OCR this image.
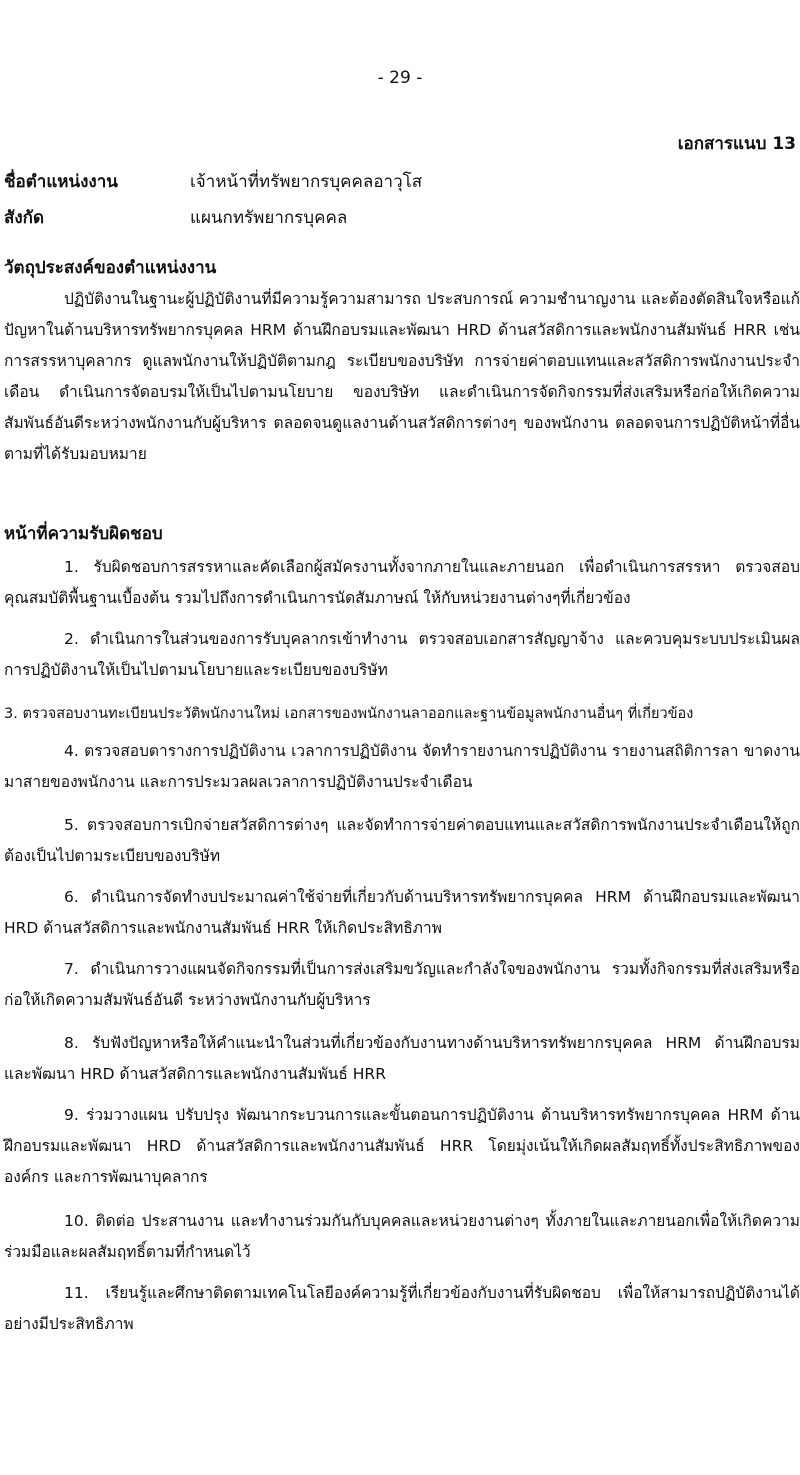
- 29 -
เอกสารแนบ 13
ชื่อตำแหน่งงาน	เจ้าหน้าที่ทรัพยากรบุคคลอาวุโส
สังกัด	แผนกทรัพยากรบุคคล
วัตถุประสงค์ของตำแหน่งงาน
ปฏิบัติงานในฐานะผู้ปฏิบัติงานที่มีความรู้ความสามารถ ประสบการณ์ ความชำนาญงาน และต้องตัดสินใจหรือแก้ปัญหาในด้านบริหารทรัพยากรบุคคล HRM ด้านฝึกอบรมและพัฒนา HRD ด้านสวัสดิการและพนักงานสัมพันธ์ HRR เช่น การสรรหาบุคลากร ดูแลพนักงานให้ปฏิบัติตามกฎ ระเบียบของบริษัท การจ่ายค่าตอบแทนและสวัสดิการพนักงานประจำเดือน ดำเนินการจัดอบรมให้เป็นไปตามนโยบาย ของบริษัท และดำเนินการจัดกิจกรรมที่ส่งเสริมหรือก่อให้เกิดความสัมพันธ์อันดีระหว่างพนักงานกับผู้บริหาร ตลอดจนดูแลงานด้านสวัสดิการต่างๆ ของพนักงาน ตลอดจนการปฏิบัติหน้าที่อื่นตามที่ได้รับมอบหมาย
หน้าที่ความรับผิดชอบ
1. รับผิดชอบการสรรหาและคัดเลือกผู้สมัครงานทั้งจากภายในและภายนอก เพื่อดำเนินการสรรหา ตรวจสอบคุณสมบัติพื้นฐานเบื้องต้น รวมไปถึงการดำเนินการนัดสัมภาษณ์ ให้กับหน่วยงานต่างๆที่เกี่ยวข้อง
2. ดำเนินการในส่วนของการรับบุคลากรเข้าทำงาน ตรวจสอบเอกสารสัญญาจ้าง และควบคุมระบบประเมินผลการปฏิบัติงานให้เป็นไปตามนโยบายและระเบียบของบริษัท
3. ตรวจสอบงานทะเบียนประวัติพนักงานใหม่ เอกสารของพนักงานลาออกและฐานข้อมูลพนักงานอื่นๆ ที่เกี่ยวข้อง
4. ตรวจสอบตารางการปฏิบัติงาน เวลาการปฏิบัติงาน จัดทำรายงานการปฏิบัติงาน รายงานสถิติการลา ขาดงาน มาสายของพนักงาน และการประมวลผลเวลาการปฏิบัติงานประจำเดือน
5. ตรวจสอบการเบิกจ่ายสวัสดิการต่างๆ และจัดทำการจ่ายค่าตอบแทนและสวัสดิการพนักงานประจำเดือนให้ถูกต้องเป็นไปตามระเบียบของบริษัท
6. ดำเนินการจัดทำงบประมาณค่าใช้จ่ายที่เกี่ยวกับด้านบริหารทรัพยากรบุคคล HRM ด้านฝึกอบรมและพัฒนา HRD ด้านสวัสดิการและพนักงานสัมพันธ์ HRR ให้เกิดประสิทธิภาพ
7. ดำเนินการวางแผนจัดกิจกรรมที่เป็นการส่งเสริมขวัญและกำลังใจของพนักงาน รวมทั้งกิจกรรมที่ส่งเสริมหรือก่อให้เกิดความสัมพันธ์อันดี ระหว่างพนักงานกับผู้บริหาร
8. รับฟังปัญหาหรือให้คำแนะนำในส่วนที่เกี่ยวข้องกับงานทางด้านบริหารทรัพยากรบุคคล HRM ด้านฝึกอบรมและพัฒนา HRD ด้านสวัสดิการและพนักงานสัมพันธ์ HRR
9. ร่วมวางแผน ปรับปรุง พัฒนากระบวนการและขั้นตอนการปฏิบัติงาน ด้านบริหารทรัพยากรบุคคล HRM ด้านฝึกอบรมและพัฒนา HRD ด้านสวัสดิการและพนักงานสัมพันธ์ HRR โดยมุ่งเน้นให้เกิดผลสัมฤทธิ์ทั้งประสิทธิภาพขององค์กร และการพัฒนาบุคลากร
10. ติดต่อ ประสานงาน และทำงานร่วมกันกับบุคคลและหน่วยงานต่างๆ ทั้งภายในและภายนอกเพื่อให้เกิดความร่วมมือและผลสัมฤทธิ์ตามที่กำหนดไว้
11. เรียนรู้และศึกษาติดตามเทคโนโลยีองค์ความรู้ที่เกี่ยวข้องกับงานที่รับผิดชอบ เพื่อให้สามารถปฏิบัติงานได้อย่างมีประสิทธิภาพ
